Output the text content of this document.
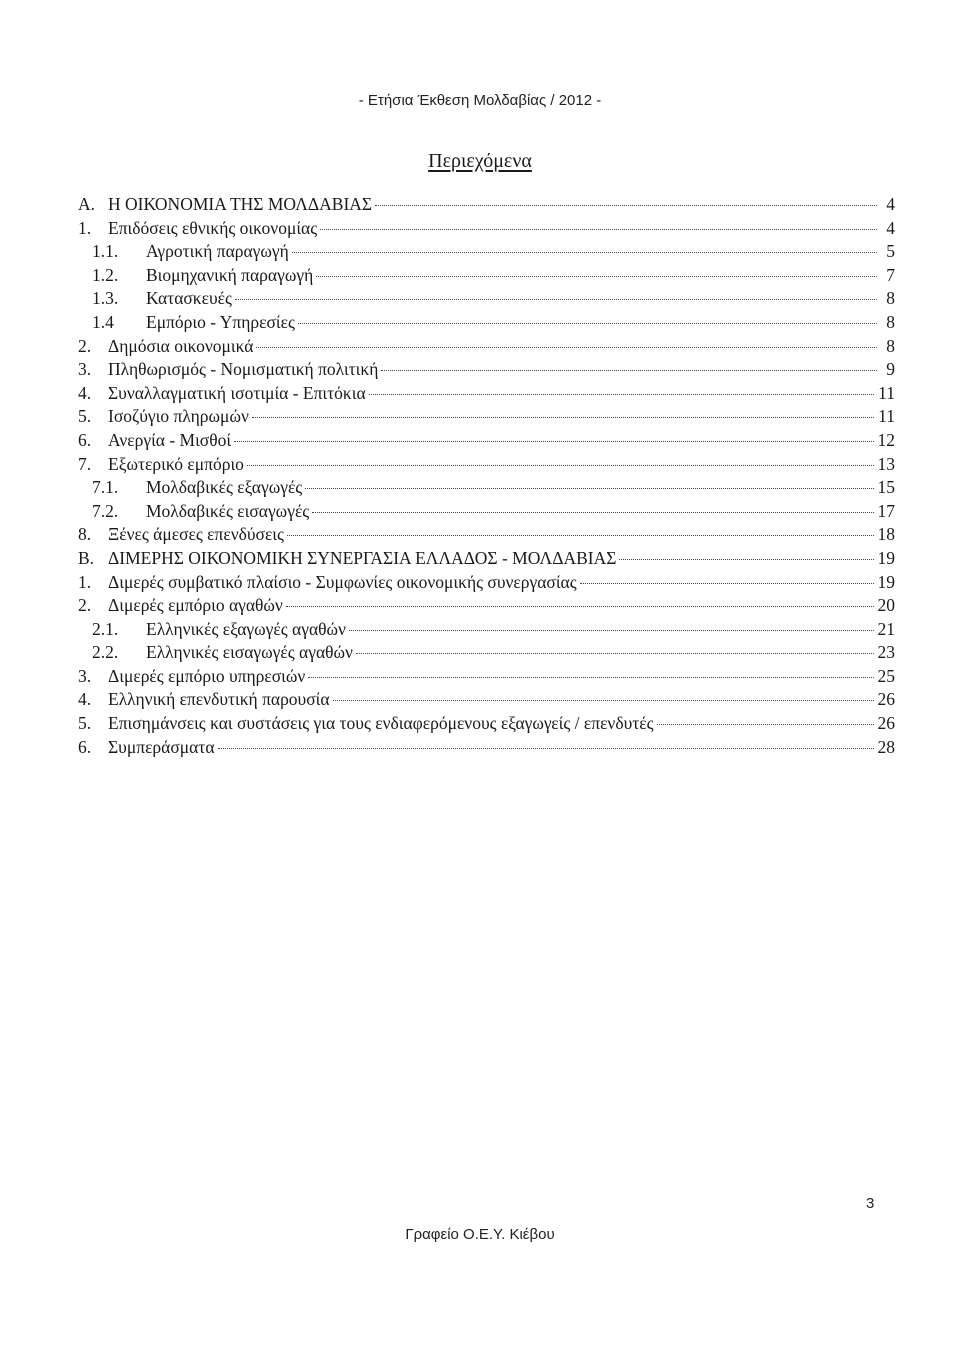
- Ετήσια Έκθεση Μολδαβίας / 2012 -
Περιεχόμενα
Α. Η ΟΙΚΟΝΟΜΙΑ ΤΗΣ ΜΟΛΔΑΒΙΑΣ	4
1. Επιδόσεις εθνικής οικονομίας	4
1.1.	Αγροτική παραγωγή	5
1.2.	Βιομηχανική παραγωγή	7
1.3.	Κατασκευές	8
1.4	Εμπόριο - Υπηρεσίες	8
2. Δημόσια οικονομικά	8
3. Πληθωρισμός - Νομισματική πολιτική	9
4. Συναλλαγματική ισοτιμία - Επιτόκια	11
5. Ισοζύγιο πληρωμών	11
6. Ανεργία - Μισθοί	12
7. Εξωτερικό εμπόριο	13
7.1.	Μολδαβικές εξαγωγές	15
7.2.	Μολδαβικές εισαγωγές	17
8. Ξένες άμεσες επενδύσεις	18
Β. ΔΙΜΕΡΗΣ ΟΙΚΟΝΟΜΙΚΗ ΣΥΝΕΡΓΑΣΙΑ ΕΛΛΑΔΟΣ - ΜΟΛΔΑΒΙΑΣ	19
1. Διμερές συμβατικό πλαίσιο - Συμφωνίες οικονομικής συνεργασίας	19
2. Διμερές εμπόριο αγαθών	20
2.1.	Ελληνικές εξαγωγές αγαθών	21
2.2.	Ελληνικές εισαγωγές αγαθών	23
3. Διμερές εμπόριο υπηρεσιών	25
4. Ελληνική επενδυτική παρουσία	26
5. Επισημάνσεις και συστάσεις για τους ενδιαφερόμενους εξαγωγείς / επενδυτές	26
6. Συμπεράσματα	28
3
Γραφείο Ο.Ε.Υ. Κιέβου
